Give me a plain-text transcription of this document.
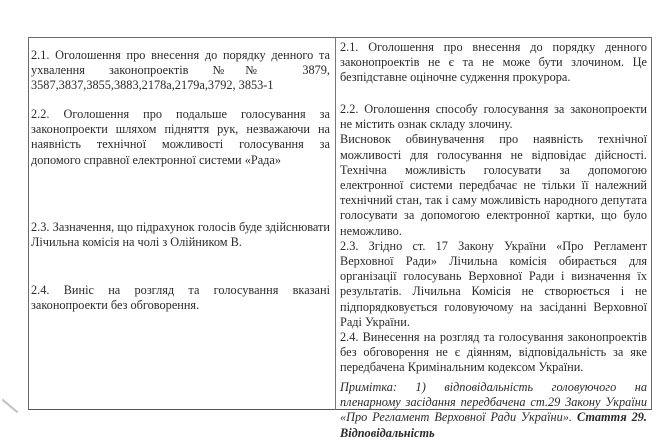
2.1. Оголошення про внесення до порядку денного та ухвалення законопроектів №№ 3879, 3587,3837,3855,3883,2178а,2179а,3792, 3853-1
2.2. Оголошення про подальше голосування за законопроекти шляхом підняття рук, незважаючи на наявність технічної можливості голосування за допомого справної електронної системи «Рада»
2.3. Зазначення, що підрахунок голосів буде здійснювати Лічильна комісія на чолі з Олійником В.
2.4. Виніс на розгляд та голосування вказані законопроекти без обговорення.
2.1. Оголошення про внесення до порядку денного законопроектів не є та не може бути злочином. Це безпідставне оціночне судження прокурора.
2.2. Оголошення способу голосування за законопроекти не містить ознак складу злочину.
Висновок обвинувачення про наявність технічної можливості для голосування не відповідає дійсності. Технічна можливість голосувати за допомогою електронної системи передбачає не тільки її належний технічний стан, так і саму можливість народного депутата голосувати за допомогою електронної картки, що було неможливо.
2.3. Згідно ст. 17 Закону України «Про Регламент Верховної Ради» Лічильна комісія обирається для організації голосувань Верховної Ради і визначення їх результатів. Лічильна Комісія не створюється і не підпорядковується головуючому на засіданні Верховної Раді України.
2.4. Винесення на розгляд та голосування законопроектів без обговорення не є діянням, відповідальність за яке передбачена Кримінальним кодексом України.
Примітка: 1) відповідальність головуючого на пленарному засідання передбачена ст.29 Закону України «Про Регламент Верховної Ради України». Стаття 29. Відповідальність
